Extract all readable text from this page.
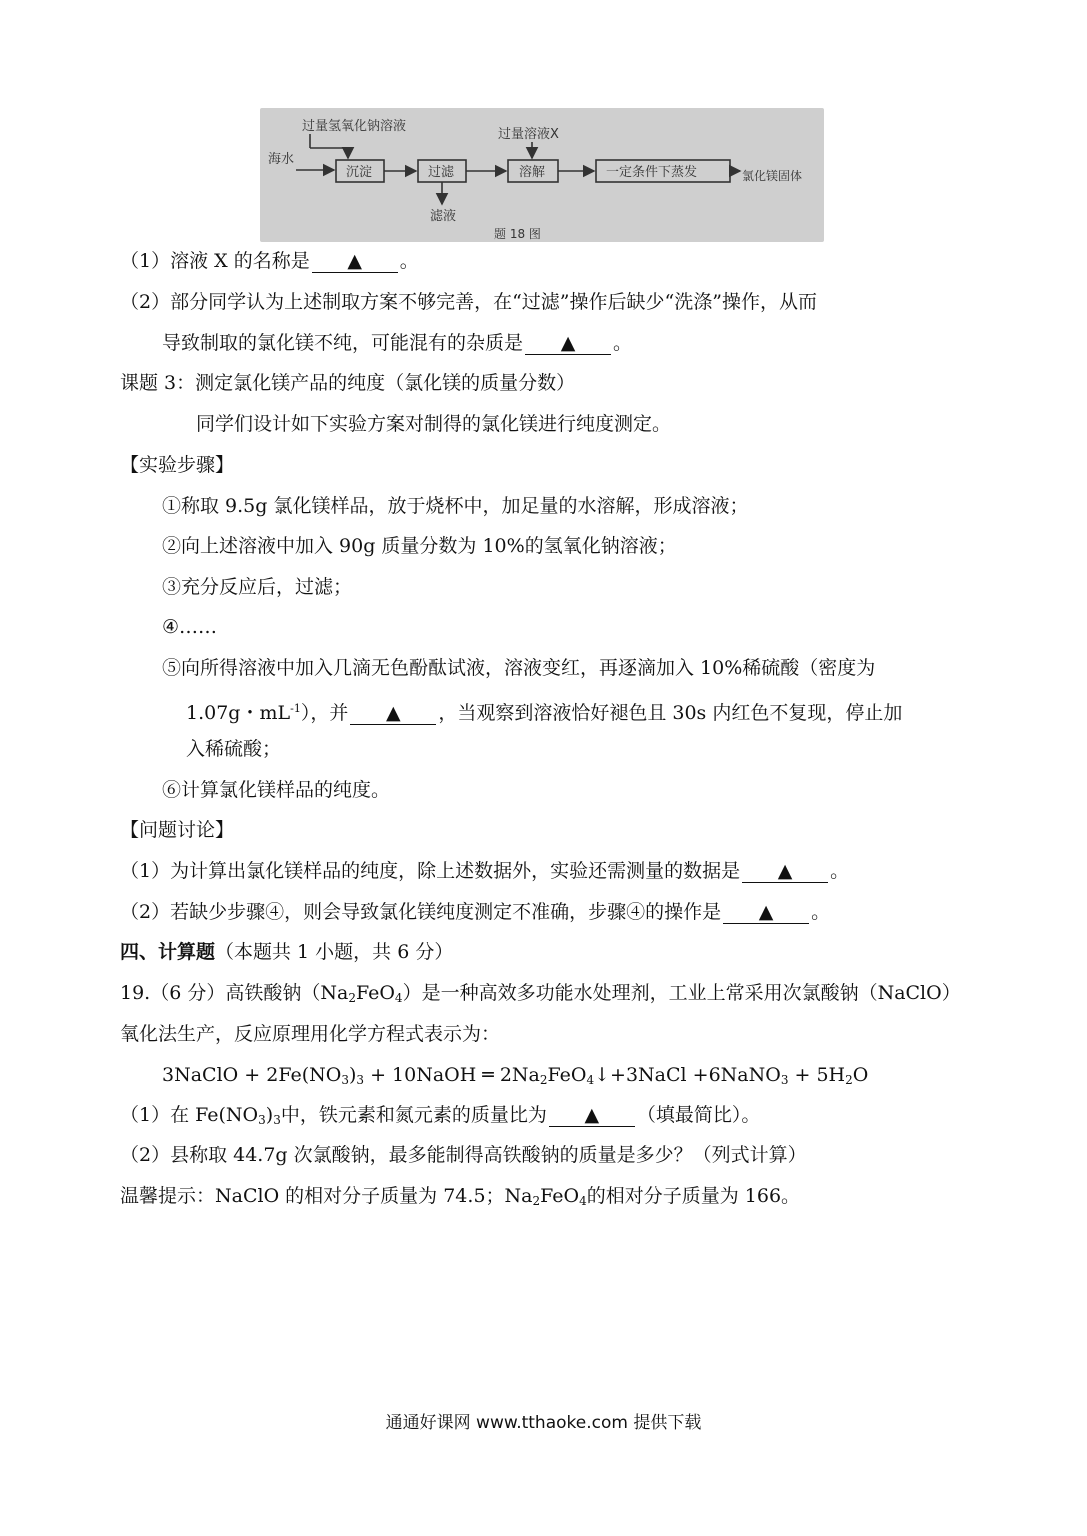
海水
过量氢氧化钠溶液
滤液
过量溶液X
氯化镁固体
题 18 图
沉淀	过滤	溶解	一定条件下蒸发
（1）溶液 X 的名称是 ▲ 。
（2）部分同学认为上述制取方案不够完善，在“过滤”操作后缺少“洗涤”操作，从而
导致制取的氯化镁不纯，可能混有的杂质是 ▲ 。
课题 3：测定氯化镁产品的纯度（氯化镁的质量分数）
同学们设计如下实验方案对制得的氯化镁进行纯度测定。
【实验步骤】
①称取 9.5g 氯化镁样品，放于烧杯中，加足量的水溶解，形成溶液；
②向上述溶液中加入 90g 质量分数为 10%的氢氧化钠溶液；
③充分反应后，过滤；
④……
⑤向所得溶液中加入几滴无色酚酞试液，溶液变红，再逐滴加入 10%稀硫酸（密度为
1.07g・$mL^{-1}$），并 ▲ ，当观察到溶液恰好褪色且 30s 内红色不复现，停止加
入稀硫酸；
⑥计算氯化镁样品的纯度。
【问题讨论】
（1）为计算出氯化镁样品的纯度，除上述数据外，实验还需测量的数据是 ▲ 。
（2）若缺少步骤④，则会导致氯化镁纯度测定不准确，步骤④的操作是 ▲ 。
四、计算题（本题共 1 小题，共 6 分）
19.（6 分）高铁酸钠$(Na_2FeO_4)$是一种高效多功能水处理剂，工业上常采用次氯酸钠（NaClO）
氧化法生产，反应原理用化学方程式表示为：
3NaClO + $2Fe(NO_3)_3$ + 10NaOH ═ $2Na_2FeO_4↓+3NaCl$ +6NaNO$_3$ + $5H_2O$
（1）在 $Fe(NO_3)_3$中，铁元素和氮元素的质量比为 ▲ （填最简比）。
（2）县称取 44.7g 次氯酸钠，最多能制得高铁酸钠的质量是多少？（列式计算）
温馨提示：NaClO 的相对分子质量为 74.5；$Na_2FeO_4$的相对分子质量为 166。
通通好课网 www.tthaoke.com 提供下载
